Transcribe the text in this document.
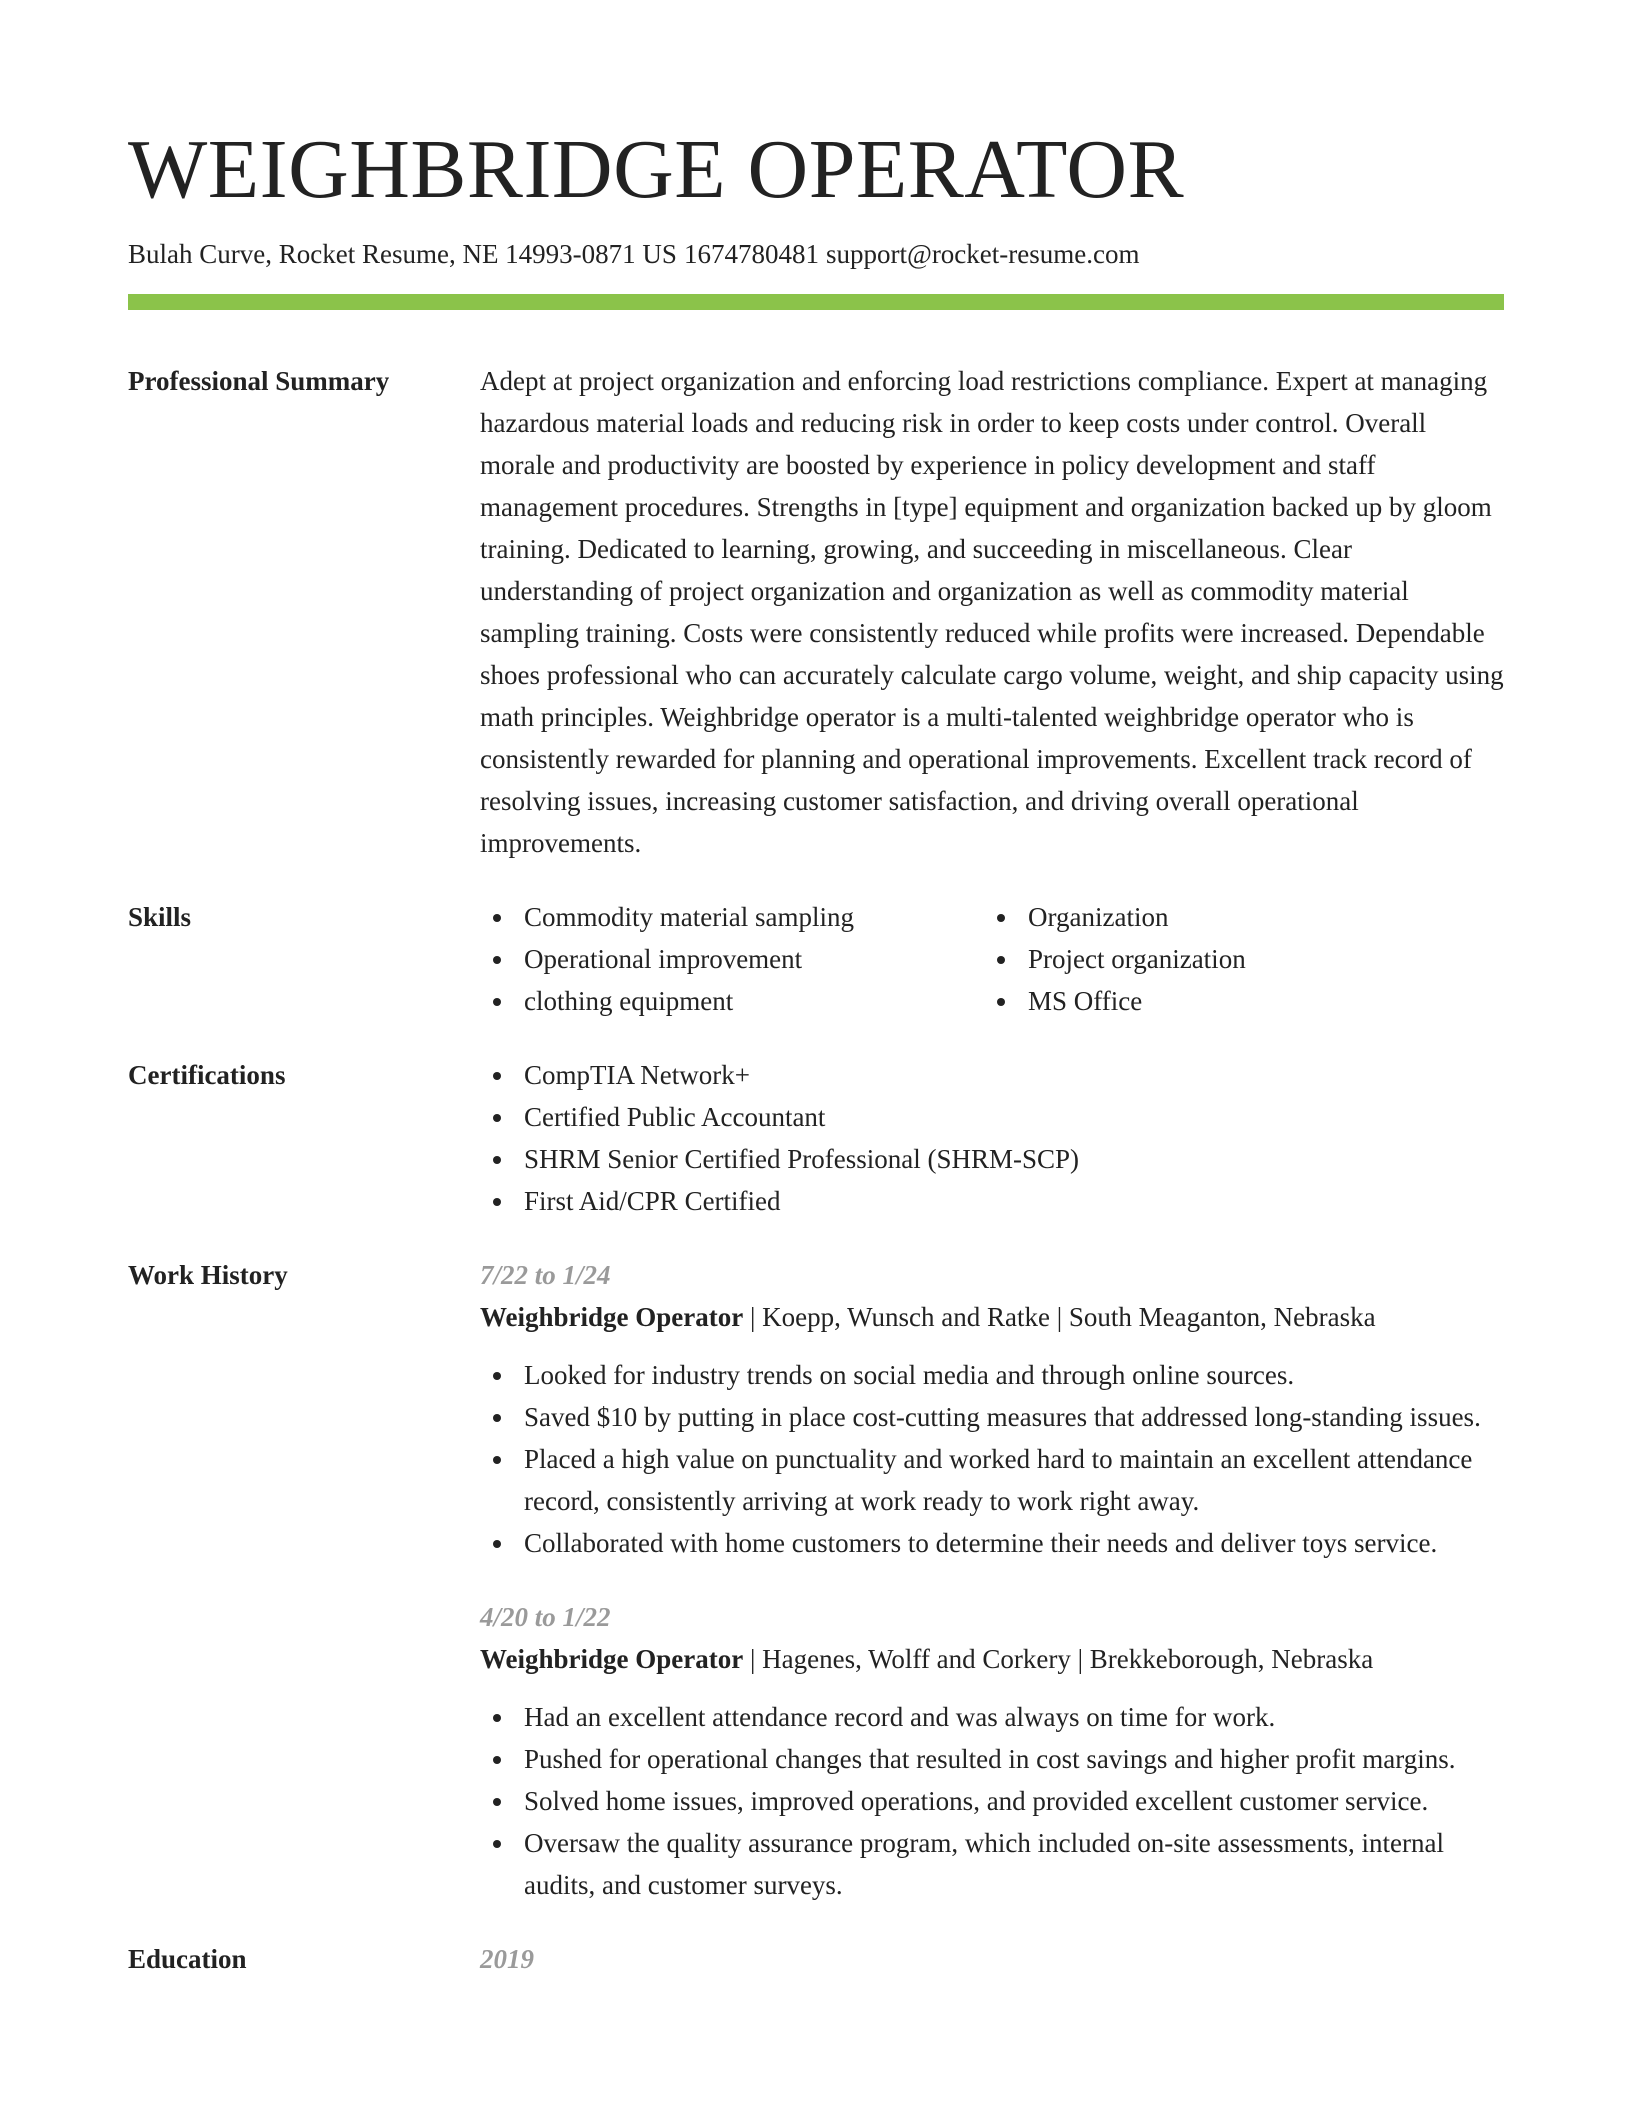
WEIGHBRIDGE OPERATOR
Bulah Curve, Rocket Resume, NE 14993-0871 US 1674780481 support@rocket-resume.com
Professional Summary	Adept at project organization and enforcing load restrictions compliance. Expert at managing hazardous material loads and reducing risk in order to keep costs under control. Overall morale and productivity are boosted by experience in policy development and staff management procedures. Strengths in [type] equipment and organization backed up by gloom training. Dedicated to learning, growing, and succeeding in miscellaneous. Clear understanding of project organization and organization as well as commodity material sampling training. Costs were consistently reduced while profits were increased. Dependable shoes professional who can accurately calculate cargo volume, weight, and ship capacity using math principles. Weighbridge operator is a multi-talented weighbridge operator who is consistently rewarded for planning and operational improvements. Excellent track record of resolving issues, increasing customer satisfaction, and driving overall operational improvements.

Skills	Commodity material sampling
Operational improvement
clothing equipment
Organization
Project organization
MS Office
Certifications	CompTIA Network+
Certified Public Accountant
SHRM Senior Certified Professional (SHRM-SCP)
First Aid/CPR Certified
Work History	7/22 to 1/24
Weighbridge Operator | Koepp, Wunsch and Ratke | South Meaganton, Nebraska
Looked for industry trends on social media and through online sources.
Saved $10 by putting in place cost-cutting measures that addressed long-standing issues.
Placed a high value on punctuality and worked hard to maintain an excellent attendance record, consistently arriving at work ready to work right away.
Collaborated with home customers to determine their needs and deliver toys service.
4/20 to 1/22
Weighbridge Operator | Hagenes, Wolff and Corkery | Brekkeborough, Nebraska
Had an excellent attendance record and was always on time for work.
Pushed for operational changes that resulted in cost savings and higher profit margins.
Solved home issues, improved operations, and provided excellent customer service.
Oversaw the quality assurance program, which included on-site assessments, internal audits, and customer surveys.
Education	2019
